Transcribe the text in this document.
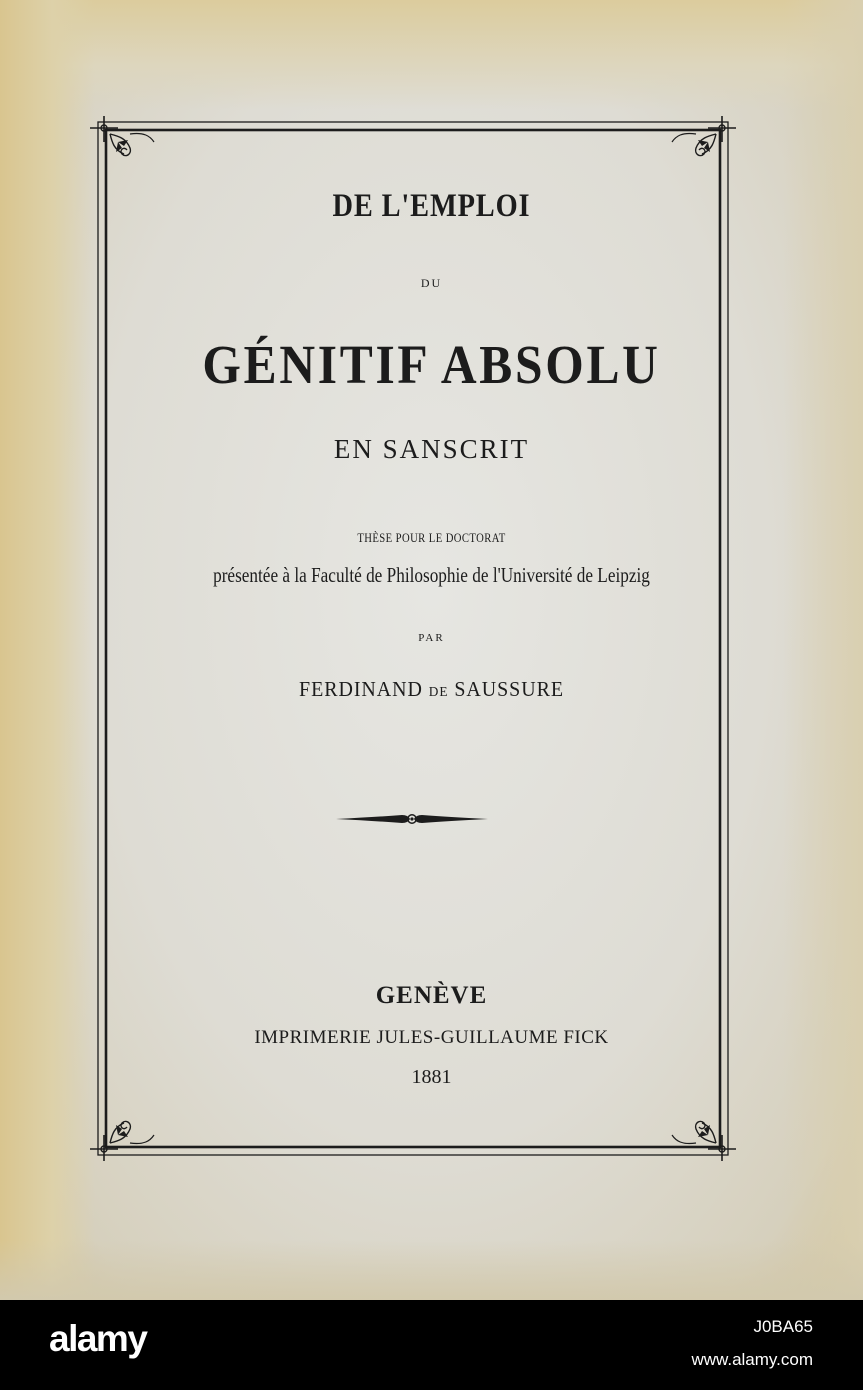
DE L'EMPLOI
DU
GÉNITIF ABSOLU
EN SANSCRIT
THÈSE POUR LE DOCTORAT
présentée à la Faculté de Philosophie de l'Université de Leipzig
PAR
FERDINAND DE SAUSSURE
GENÈVE
IMPRIMERIE JULES-GUILLAUME FICK
1881
alamy	J0BA65
www.alamy.com
